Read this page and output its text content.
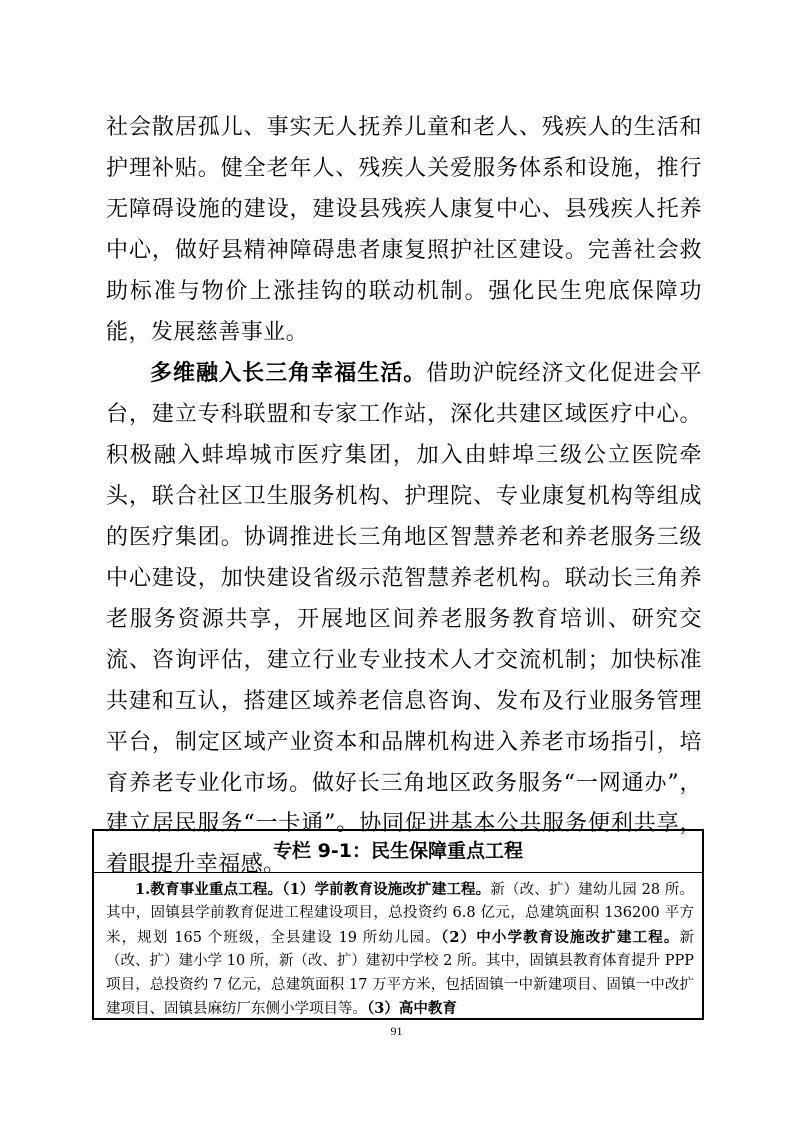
社会散居孤儿、事实无人抚养儿童和老人、残疾人的生活和护理补贴。健全老年人、残疾人关爱服务体系和设施，推行无障碍设施的建设，建设县残疾人康复中心、县残疾人托养中心，做好县精神障碍患者康复照护社区建设。完善社会救助标准与物价上涨挂钩的联动机制。强化民生兜底保障功能，发展慈善事业。

多维融入长三角幸福生活。借助沪皖经济文化促进会平台，建立专科联盟和专家工作站，深化共建区域医疗中心。积极融入蚌埠城市医疗集团，加入由蚌埠三级公立医院牵头，联合社区卫生服务机构、护理院、专业康复机构等组成的医疗集团。协调推进长三角地区智慧养老和养老服务三级中心建设，加快建设省级示范智慧养老机构。联动长三角养老服务资源共享，开展地区间养老服务教育培训、研究交流、咨询评估，建立行业专业技术人才交流机制；加快标准共建和互认，搭建区域养老信息咨询、发布及行业服务管理平台，制定区域产业资本和品牌机构进入养老市场指引，培育养老专业化市场。做好长三角地区政务服务“一网通办”，建立居民服务“一卡通”。协同促进基本公共服务便利共享，着眼提升幸福感。

专栏 9-1：民生保障重点工程
1.教育事业重点工程。（1）学前教育设施改扩建工程。新（改、扩）建幼儿园 28 所。其中，固镇县学前教育促进工程建设项目，总投资约 6.8 亿元，总建筑面积 136200 平方米，规划 165 个班级，全县建设 19 所幼儿园。（2）中小学教育设施改扩建工程。新（改、扩）建小学 10 所，新（改、扩）建初中学校 2 所。其中，固镇县教育体育提升 PPP 项目，总投资约 7 亿元，总建筑面积 17 万平方米，包括固镇一中新建项目、固镇一中改扩建项目、固镇县麻纺厂东侧小学项目等。（3）高中教育
91
